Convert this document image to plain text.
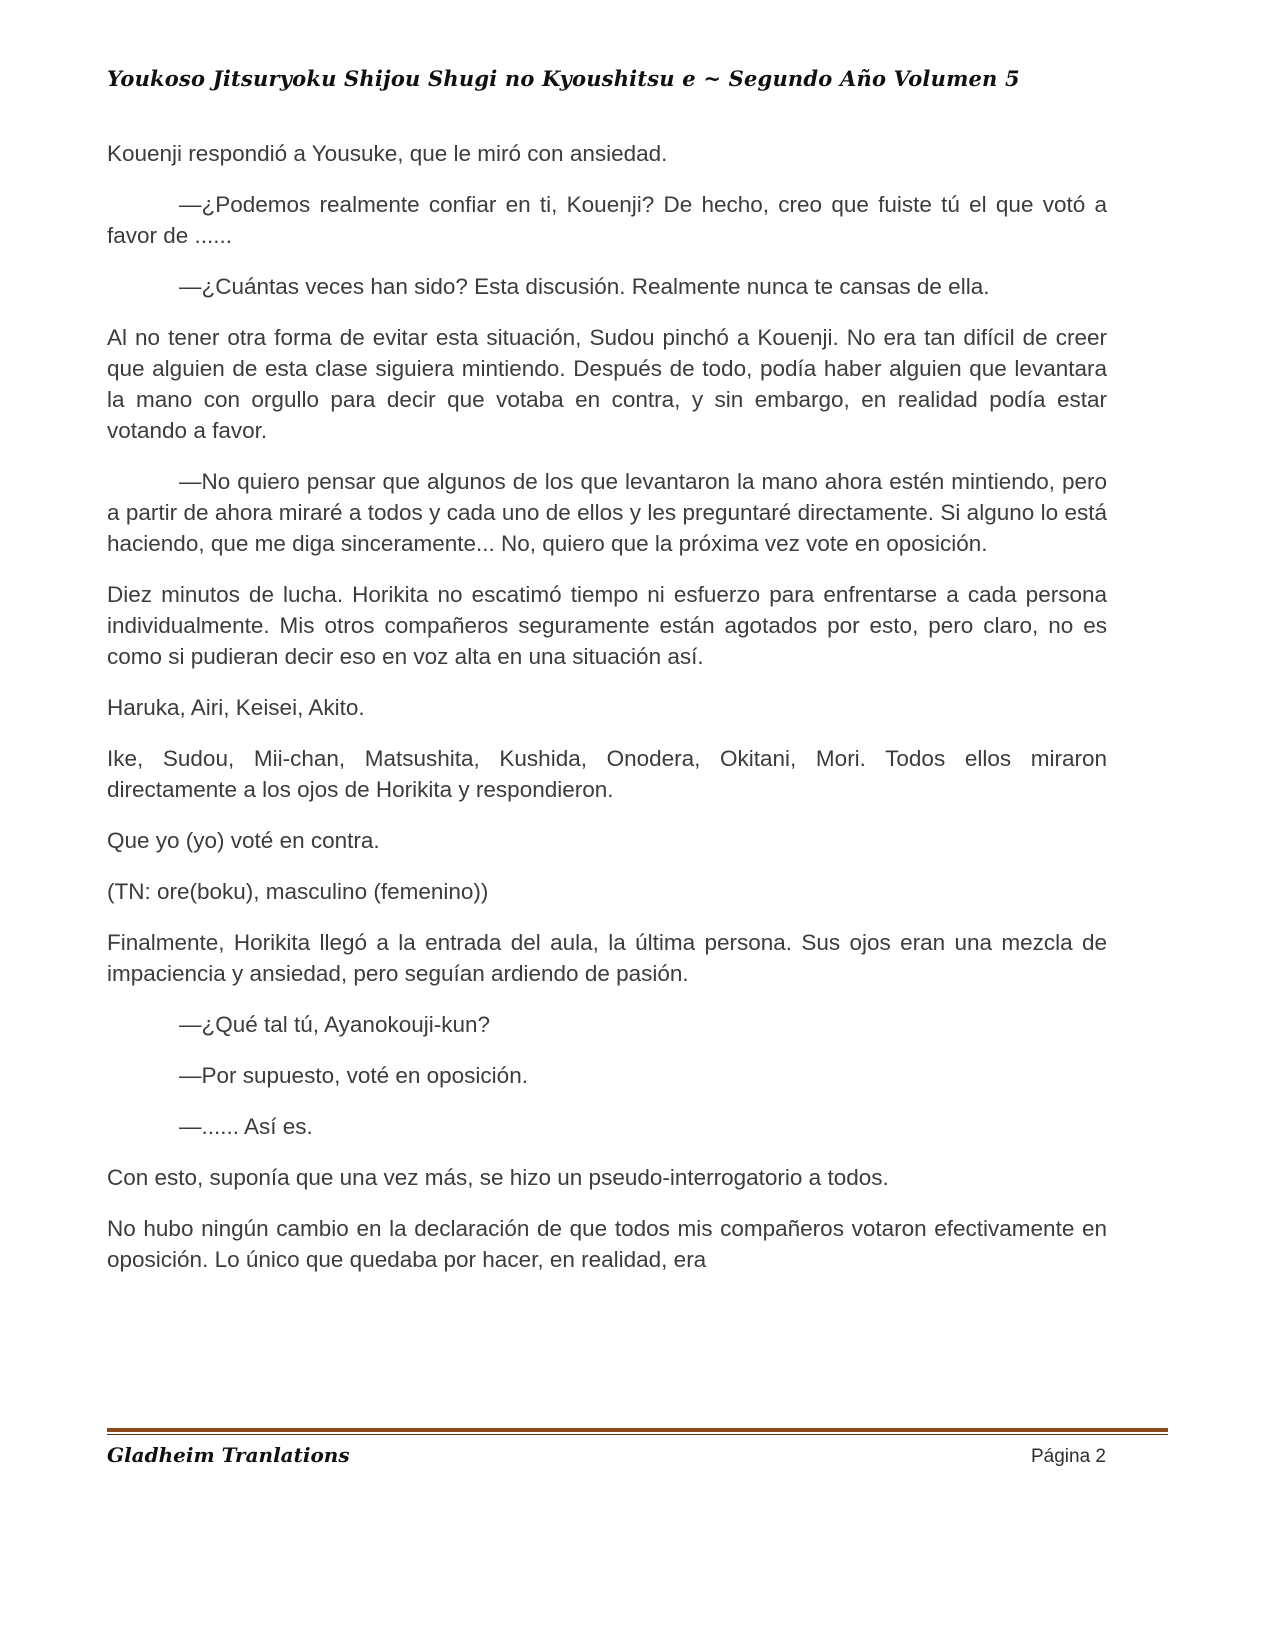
Youkoso Jitsuryoku Shijou Shugi no Kyoushitsu e ~ Segundo Año Volumen 5

Kouenji respondió a Yousuke, que le miró con ansiedad.

—¿Podemos realmente confiar en ti, Kouenji? De hecho, creo que fuiste tú el que votó a favor de ......

—¿Cuántas veces han sido? Esta discusión. Realmente nunca te cansas de ella.

Al no tener otra forma de evitar esta situación, Sudou pinchó a Kouenji. No era tan difícil de creer que alguien de esta clase siguiera mintiendo. Después de todo, podía haber alguien que levantara la mano con orgullo para decir que votaba en contra, y sin embargo, en realidad podía estar votando a favor.

—No quiero pensar que algunos de los que levantaron la mano ahora estén mintiendo, pero a partir de ahora miraré a todos y cada uno de ellos y les preguntaré directamente. Si alguno lo está haciendo, que me diga sinceramente... No, quiero que la próxima vez vote en oposición.

Diez minutos de lucha. Horikita no escatimó tiempo ni esfuerzo para enfrentarse a cada persona individualmente. Mis otros compañeros seguramente están agotados por esto, pero claro, no es como si pudieran decir eso en voz alta en una situación así.

Haruka, Airi, Keisei, Akito.

Ike, Sudou, Mii-chan, Matsushita, Kushida, Onodera, Okitani, Mori. Todos ellos miraron directamente a los ojos de Horikita y respondieron.

Que yo (yo) voté en contra.

(TN: ore(boku), masculino (femenino))

Finalmente, Horikita llegó a la entrada del aula, la última persona. Sus ojos eran una mezcla de impaciencia y ansiedad, pero seguían ardiendo de pasión.

—¿Qué tal tú, Ayanokouji-kun?

—Por supuesto, voté en oposición.

—...... Así es.

Con esto, suponía que una vez más, se hizo un pseudo-interrogatorio a todos.

No hubo ningún cambio en la declaración de que todos mis compañeros votaron efectivamente en oposición. Lo único que quedaba por hacer, en realidad, era

Gladheim Tranlations	Página 2
